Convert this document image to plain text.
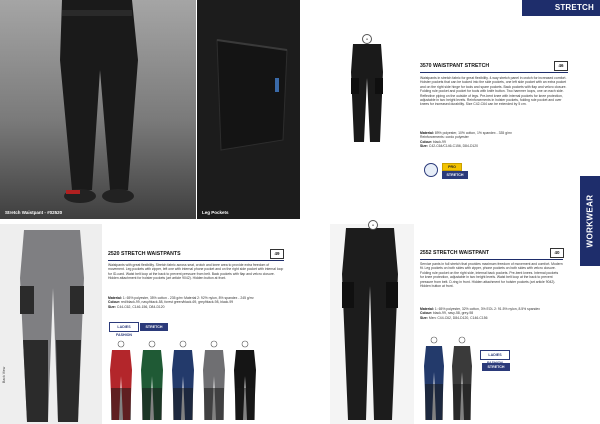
STRETCH
Stretch Waistpant - #02520	Leg Pockets
●
3570 WAISTPANT STRETCH	46
Waistpants in stretch fabric for great flexibility. 4-way stretch panel in crotch for increased comfort. Holster pockets that can be tucked into the side pockets, one left side pocket with an extra pocket and on the right side hinge for tools and spare pockets. Back pockets with flap and velcro closure. Folding rule pocket and pocket for tools with knife button. Two hammer loops, one on each side. Reflective piping on the outside of legs. Pre-bent knee with internal pockets for knee protection, adjustable in two height levels. Reinforcements in holster pockets, folding rule pocket and over knees for increased durability. Size C42-C64 can be extended by 5 cm.
Material: 89% polyester, 10% cotton, 1% spandex - 335 g/m²
Reinforcements: cordo polyester
Colour: black-99
Size: C42-C64/C146-C156, D84-D120
PRO
STRETCH
Back View
2520 STRETCH WAISTPANTS	49
Waistpants with great flexibility. Stretch fabric across seat, crotch and knee area to provide extra freedom of movement. Leg pockets with zipper, left one with internal phone pocket and on the right side pocket with internal loop for ID-card. Waist belt loop at the back to prevent pressure from belt. Back pockets with flap and velcro closure. Hidden attachment for holster pockets (art article 9042). Hidden button at front.
Material: 1: 65% polyester, 35% cotton - 235 g/m² Material 2: 92% nylon, 8% spandex - 245 g/m²
Colour: red/black-99, navy/black-58, forest green/black-69, grey/black-98, black-99
Size: C44-C62, C146-156, D84-D120
LADIES FASHION
STRETCH
●
2552 STRETCH WAISTPANT	40
Service pants in full stretch that provides maximum freedom of movement and comfort. Modern fit. Leg pockets on both sides with zipper, phone pockets on both sides with velcro closure. Folding rule pocket on the right side, internal back pockets. Pre-bent knees. Internal pockets for knee protection, adjustable in two height levels. Waist belt loop at the back to prevent pressure from belt. D-ring in front. Hidden attachment for holster pockets (art article 9042). Hidden button at front.
Material: 1: 65% polyester, 32% cotton, 3% EOL 2: 91.5% nylon, 8.5% spandex
Colour: black-99, navy-58, grey-98
Size: Men: C44-C62, D84-D120, C146-C156
LADIES
STRETCH
WORKWEAR
